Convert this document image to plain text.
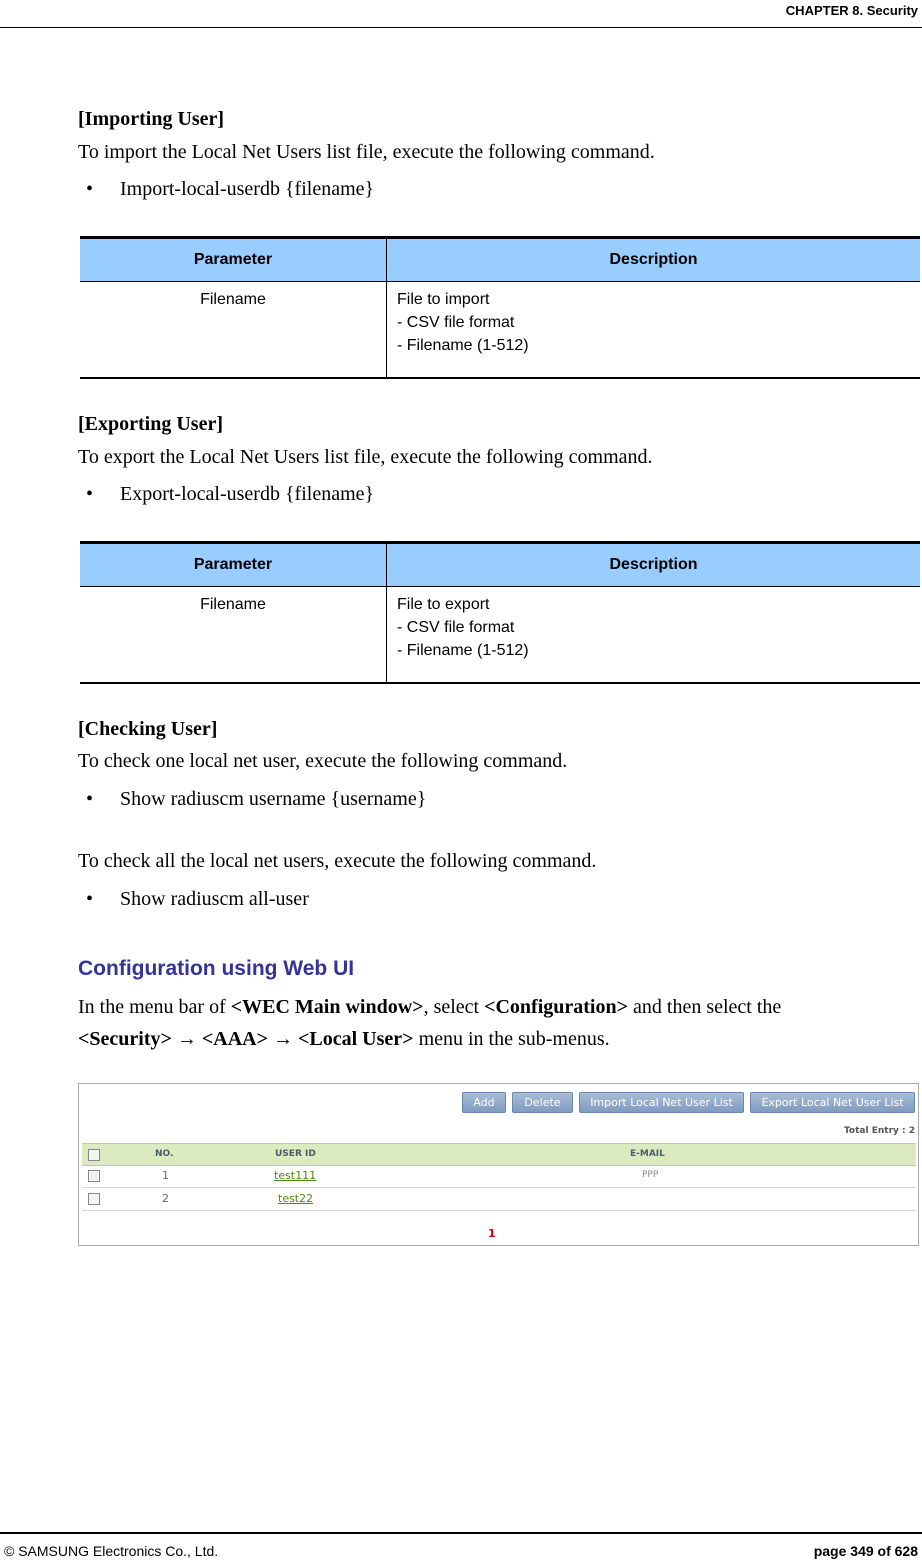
CHAPTER 8. Security
[Importing User]
To import the Local Net Users list file, execute the following command.
• Import-local-userdb {filename}
Parameter	Description
Filename	File to import
- CSV file format
- Filename (1-512)
[Exporting User]
To export the Local Net Users list file, execute the following command.
• Export-local-userdb {filename}
Parameter	Description
Filename	File to export
- CSV file format
- Filename (1-512)
[Checking User]
To check one local net user, execute the following command.
• Show radiuscm username {username}
To check all the local net users, execute the following command.
• Show radiuscm all-user
Configuration using Web UI
In the menu bar of <WEC Main window>, select <Configuration> and then select the
<Security> → <AAA> → <Local User> menu in the sub-menus.
Add	Delete	Import Local Net User List	Export Local Net User List
Total Entry : 2
NO.	USER ID	E-MAIL
1	test111	PPP
2	test22
1
© SAMSUNG Electronics Co., Ltd.	page 349 of 628
